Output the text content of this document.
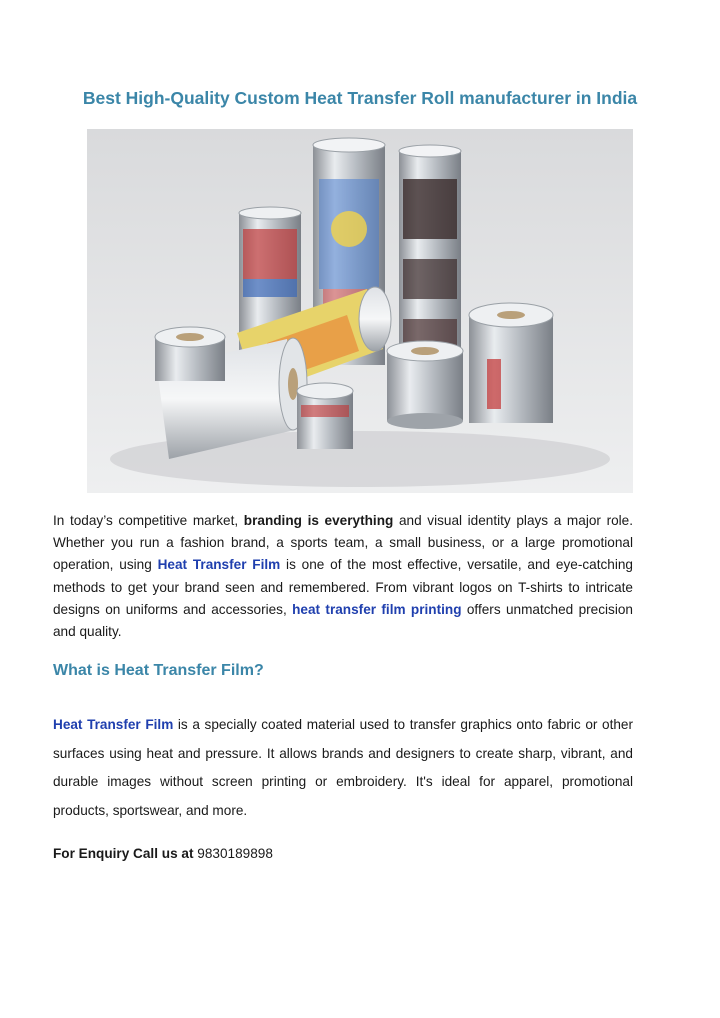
Best High-Quality Custom Heat Transfer Roll manufacturer in India
In today’s competitive market, branding is everything and visual identity plays a major role. Whether you run a fashion brand, a sports team, a small business, or a large promotional operation, using Heat Transfer Film is one of the most effective, versatile, and eye-catching methods to get your brand seen and remembered. From vibrant logos on T-shirts to intricate designs on uniforms and accessories, heat transfer film printing offers unmatched precision and quality.
What is Heat Transfer Film?
Heat Transfer Film is a specially coated material used to transfer graphics onto fabric or other surfaces using heat and pressure. It allows brands and designers to create sharp, vibrant, and durable images without screen printing or embroidery. It's ideal for apparel, promotional products, sportswear, and more.
For Enquiry Call us at 9830189898
